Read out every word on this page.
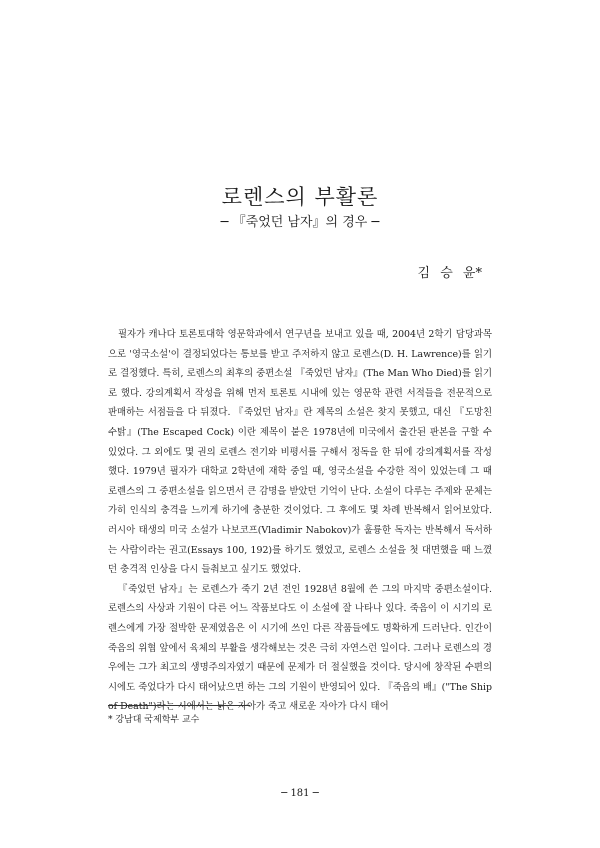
로렌스의 부활론
─ 『죽었던 남자』의 경우 ─
김 승 윤*

필자가 캐나다 토론토대학 영문학과에서 연구년을 보내고 있을 때, 2004년 2학기 담당과목으로 '영국소설'이 결정되었다는 통보를 받고 주저하지 않고 로렌스(D. H. Lawrence)를 읽기로 결정했다. 특히, 로렌스의 최후의 중편소설 『죽었던 남자』(The Man Who Died)를 읽기로 했다. 강의계획서 작성을 위해 먼저 토론토 시내에 있는 영문학 관련 서적들을 전문적으로 판매하는 서점들을 다 뒤졌다. 『죽었던 남자』란 제목의 소설은 찾지 못했고, 대신 『도망친 수탉』(The Escaped Cock) 이란 제목이 붙은 1978년에 미국에서 출간된 판본을 구할 수 있었다. 그 외에도 몇 권의 로렌스 전기와 비평서를 구해서 정독을 한 뒤에 강의계획서를 작성했다. 1979년 필자가 대학교 2학년에 재학 중일 때, 영국소설을 수강한 적이 있었는데 그 때 로렌스의 그 중편소설을 읽으면서 큰 감명을 받았던 기억이 난다. 소설이 다루는 주제와 문체는 가히 인식의 충격을 느끼게 하기에 충분한 것이었다. 그 후에도 몇 차례 반복해서 읽어보았다. 러시아 태생의 미국 소설가 나보코프(Vladimir Nabokov)가 훌륭한 독자는 반복해서 독서하는 사람이라는 권고(Essays 100, 192)를 하기도 했었고, 로렌스 소설을 첫 대면했을 때 느꼈던 충격적 인상을 다시 들춰보고 싶기도 했었다.

『죽었던 남자』는 로렌스가 죽기 2년 전인 1928년 8월에 쓴 그의 마지막 중편소설이다. 로렌스의 사상과 기원이 다른 어느 작품보다도 이 소설에 잘 나타나 있다. 죽음이 이 시기의 로렌스에게 가장 절박한 문제였음은 이 시기에 쓰인 다른 작품들에도 명확하게 드러난다. 인간이 죽음의 위협 앞에서 육체의 부활을 생각해보는 것은 극히 자연스런 일이다. 그러나 로렌스의 경우에는 그가 최고의 생명주의자였기 때문에 문제가 더 절실했을 것이다. 당시에 창작된 수편의 시에도 죽었다가 다시 태어났으면 하는 그의 기원이 반영되어 있다. 『죽음의 배』("The Ship of Death")라는 시에서는 낡은 자아가 죽고 새로운 자아가 다시 태어

* 강남대 국제학부 교수
─ 181 ─
